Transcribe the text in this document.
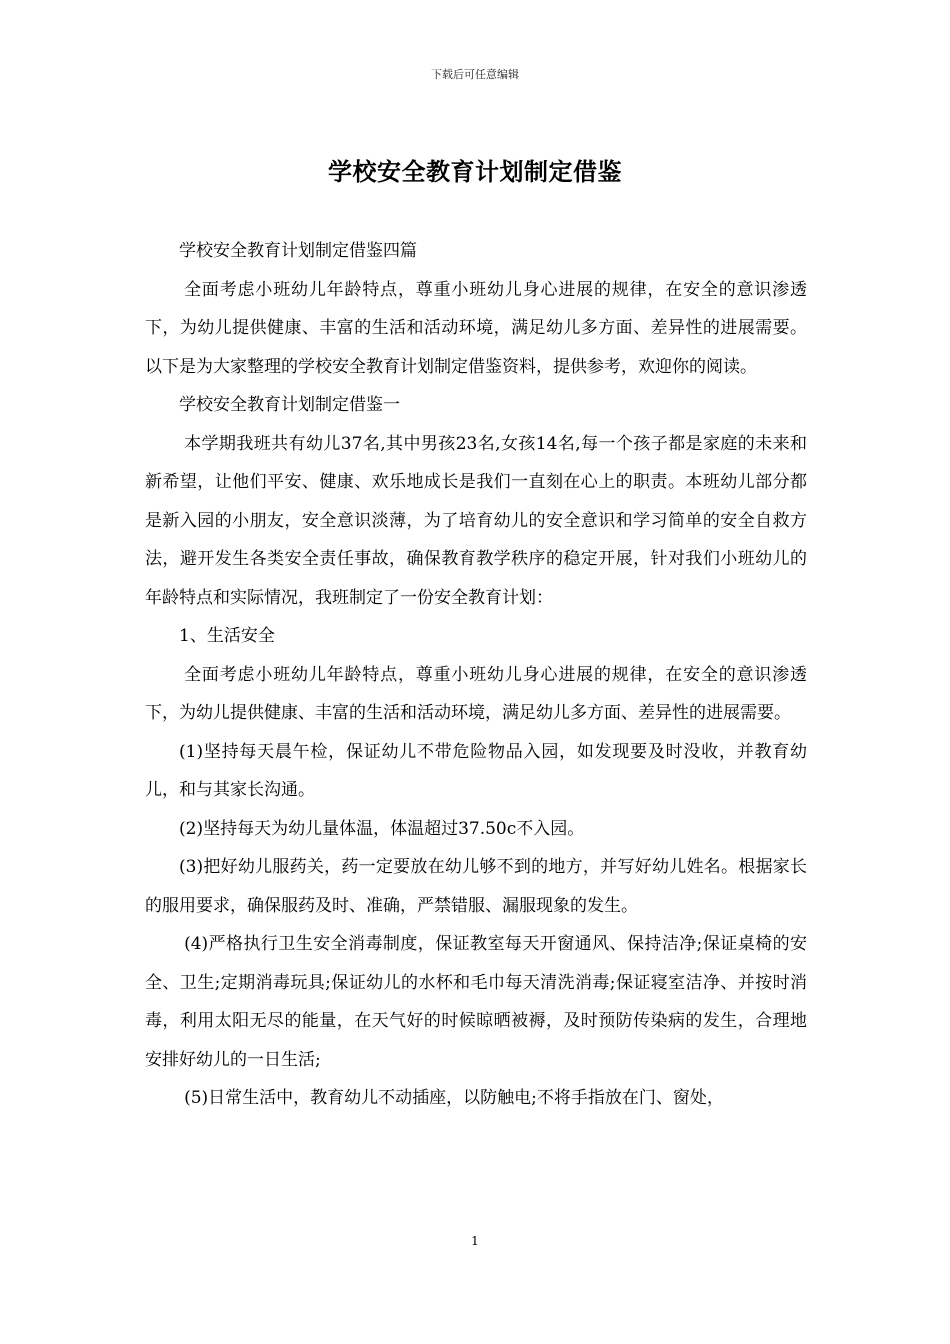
下载后可任意编辑
学校安全教育计划制定借鉴

学校安全教育计划制定借鉴四篇

全面考虑小班幼儿年龄特点，尊重小班幼儿身心进展的规律，在安全的意识渗透下，为幼儿提供健康、丰富的生活和活动环境，满足幼儿多方面、差异性的进展需要。以下是为大家整理的学校安全教育计划制定借鉴资料，提供参考，欢迎你的阅读。

学校安全教育计划制定借鉴一

本学期我班共有幼儿37名,其中男孩23名,女孩14名,每一个孩子都是家庭的未来和新希望，让他们平安、健康、欢乐地成长是我们一直刻在心上的职责。本班幼儿部分都是新入园的小朋友，安全意识淡薄，为了培育幼儿的安全意识和学习简单的安全自救方法，避开发生各类安全责任事故，确保教育教学秩序的稳定开展，针对我们小班幼儿的年龄特点和实际情况，我班制定了一份安全教育计划：

1、生活安全

全面考虑小班幼儿年龄特点，尊重小班幼儿身心进展的规律，在安全的意识渗透下，为幼儿提供健康、丰富的生活和活动环境，满足幼儿多方面、差异性的进展需要。

(1)坚持每天晨午检，保证幼儿不带危险物品入园，如发现要及时没收，并教育幼儿，和与其家长沟通。

(2)坚持每天为幼儿量体温，体温超过37.50c不入园。

(3)把好幼儿服药关，药一定要放在幼儿够不到的地方，并写好幼儿姓名。根据家长的服用要求，确保服药及时、准确，严禁错服、漏服现象的发生。

(4)严格执行卫生安全消毒制度，保证教室每天开窗通风、保持洁净;保证桌椅的安全、卫生;定期消毒玩具;保证幼儿的水杯和毛巾每天清洗消毒;保证寝室洁净、并按时消毒，利用太阳无尽的能量，在天气好的时候晾晒被褥，及时预防传染病的发生，合理地安排好幼儿的一日生活;

(5)日常生活中，教育幼儿不动插座，以防触电;不将手指放在门、窗处，

1
